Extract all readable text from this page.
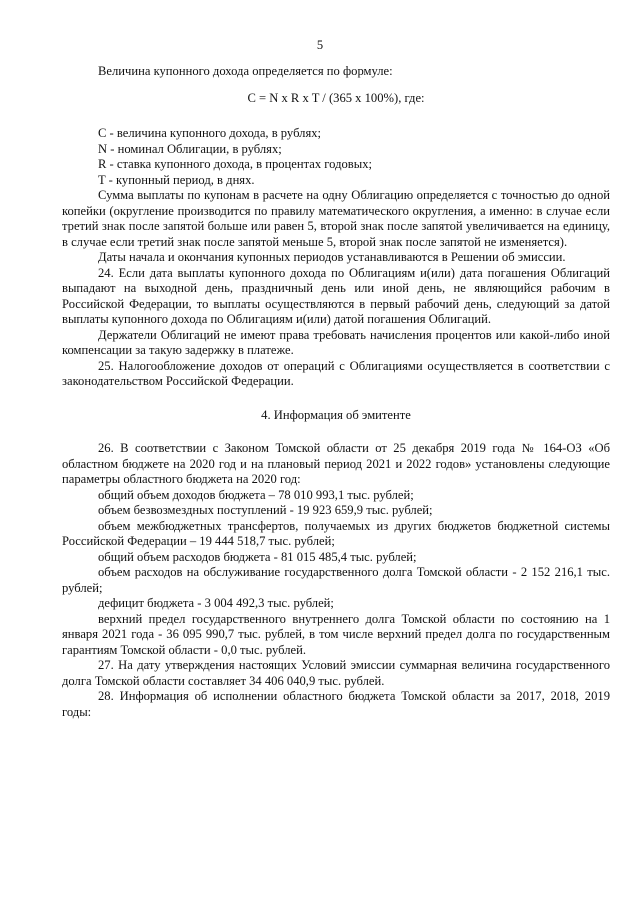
5

Величина купонного дохода определяется по формуле:

C = N x R x T / (365 x 100%), где:

C - величина купонного дохода, в рублях;

N - номинал Облигации, в рублях;

R - ставка купонного дохода, в процентах годовых;

T - купонный период, в днях.

Сумма выплаты по купонам в расчете на одну Облигацию определяется с точностью до одной копейки (округление производится по правилу математического округления, а именно: в случае если третий знак после запятой больше или равен 5, второй знак после запятой увеличивается на единицу, в случае если третий знак после запятой меньше 5, второй знак после запятой не изменяется).

Даты начала и окончания купонных периодов устанавливаются в Решении об эмиссии.

24. Если дата выплаты купонного дохода по Облигациям и(или) дата погашения Облигаций выпадают на выходной день, праздничный день или иной день, не являющийся рабочим в Российской Федерации, то выплаты осуществляются в первый рабочий день, следующий за датой выплаты купонного дохода по Облигациям и(или) датой погашения Облигаций.

Держатели Облигаций не имеют права требовать начисления процентов или какой-либо иной компенсации за такую задержку в платеже.

25. Налогообложение доходов от операций с Облигациями осуществляется в соответствии с законодательством Российской Федерации.

4. Информация об эмитенте

26. В соответствии с Законом Томской области от 25 декабря 2019 года № 164-ОЗ «Об областном бюджете на 2020 год и на плановый период 2021 и 2022 годов» установлены следующие параметры областного бюджета на 2020 год:

общий объем доходов бюджета – 78 010 993,1 тыс. рублей;

объем безвозмездных поступлений - 19 923 659,9 тыс. рублей;

объем межбюджетных трансфертов, получаемых из других бюджетов бюджетной системы Российской Федерации – 19 444 518,7 тыс. рублей;

общий объем расходов бюджета - 81 015 485,4 тыс. рублей;

объем расходов на обслуживание государственного долга Томской области - 2 152 216,1 тыс. рублей;

дефицит бюджета - 3 004 492,3 тыс. рублей;

верхний предел государственного внутреннего долга Томской области по состоянию на 1 января 2021 года - 36 095 990,7 тыс. рублей, в том числе верхний предел долга по государственным гарантиям Томской области - 0,0 тыс. рублей.

27. На дату утверждения настоящих Условий эмиссии суммарная величина государственного долга Томской области составляет 34 406 040,9 тыс. рублей.

28. Информация об исполнении областного бюджета Томской области за 2017, 2018, 2019 годы:
